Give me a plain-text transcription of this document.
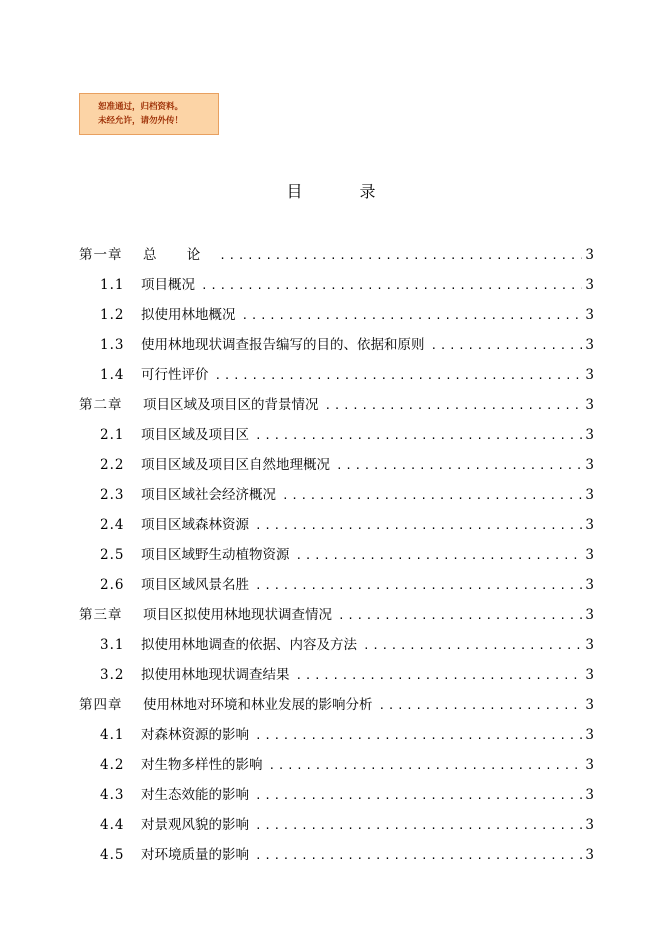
恕准通过，归档资料。
未经允许，请勿外传！
目	录
第一章	总 论 .....	3
1.1	项目概况 .....	3
1.2	拟使用林地概况 .....	3
1.3	使用林地现状调查报告编写的目的、依据和原则 .....	3
1.4	可行性评价 .....	3
第二章	项目区域及项目区的背景情况 .....	3
2.1	项目区域及项目区 .....	3
2.2	项目区域及项目区自然地理概况 .....	3
2.3	项目区域社会经济概况 .....	3
2.4	项目区域森林资源 .....	3
2.5	项目区域野生动植物资源 .....	3
2.6	项目区域风景名胜 .....	3
第三章	项目区拟使用林地现状调查情况 .....	3
3.1	拟使用林地调查的依据、内容及方法 .....	3
3.2	拟使用林地现状调查结果 .....	3
第四章	使用林地对环境和林业发展的影响分析 .....	3
4.1	对森林资源的影响 .....	3
4.2	对生物多样性的影响 .....	3
4.3	对生态效能的影响 .....	3
4.4	对景观风貌的影响 .....	3
4.5	对环境质量的影响 .....	3
